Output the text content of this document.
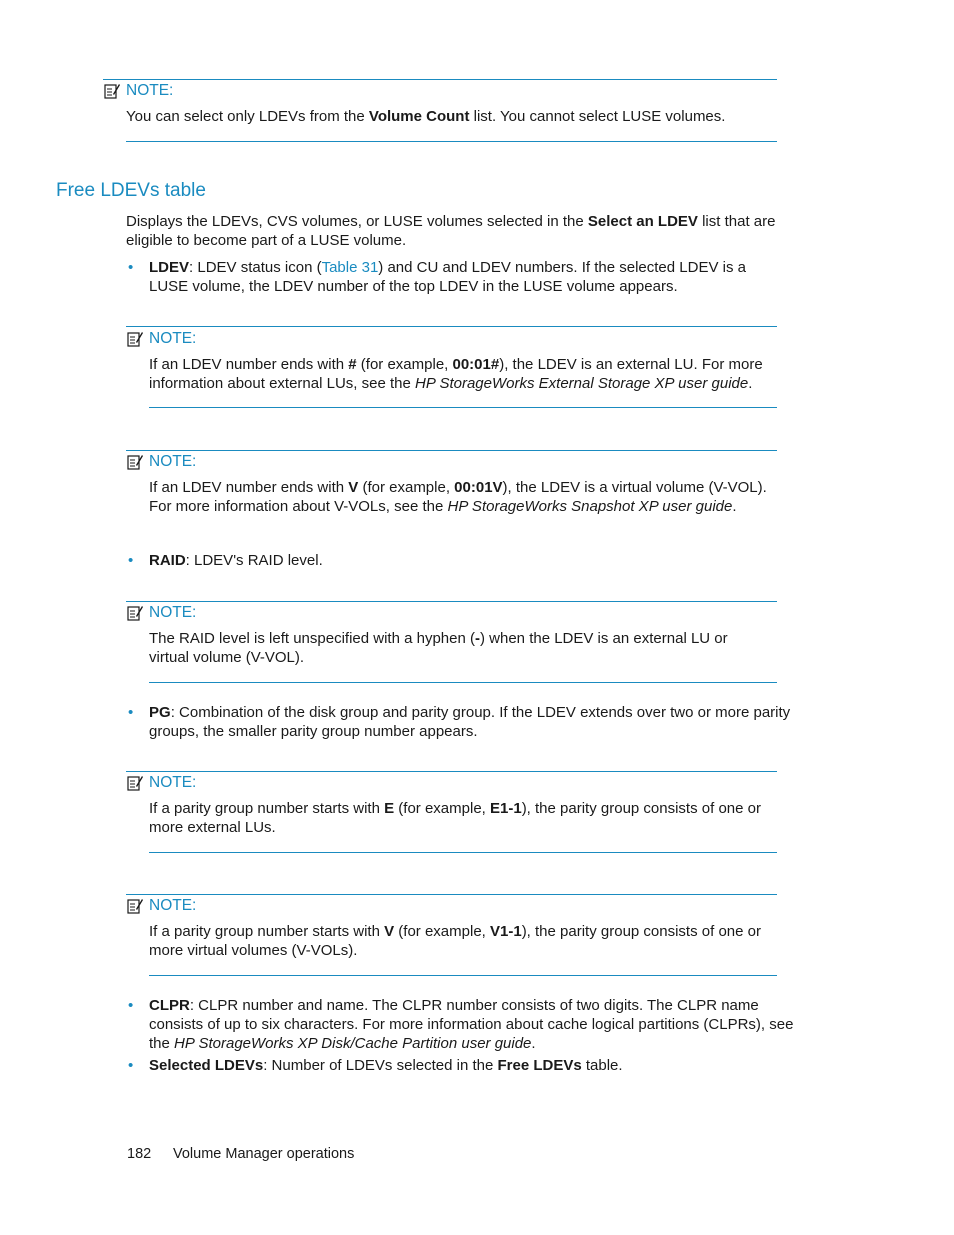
NOTE:
You can select only LDEVs from the Volume Count list. You cannot select LUSE volumes.
Free LDEVs table
Displays the LDEVs, CVS volumes, or LUSE volumes selected in the Select an LDEV list that are eligible to become part of a LUSE volume.
• LDEV: LDEV status icon (Table 31) and CU and LDEV numbers. If the selected LDEV is a LUSE volume, the LDEV number of the top LDEV in the LUSE volume appears.
NOTE:
If an LDEV number ends with # (for example, 00:01#), the LDEV is an external LU. For more information about external LUs, see the HP StorageWorks External Storage XP user guide.
NOTE:
If an LDEV number ends with V (for example, 00:01V), the LDEV is a virtual volume (V-VOL). For more information about V-VOLs, see the HP StorageWorks Snapshot XP user guide.
• RAID: LDEV's RAID level.
NOTE:
The RAID level is left unspecified with a hyphen (-) when the LDEV is an external LU or virtual volume (V-VOL).
• PG: Combination of the disk group and parity group. If the LDEV extends over two or more parity groups, the smaller parity group number appears.
NOTE:
If a parity group number starts with E (for example, E1-1), the parity group consists of one or more external LUs.
NOTE:
If a parity group number starts with V (for example, V1-1), the parity group consists of one or more virtual volumes (V-VOLs).
• CLPR: CLPR number and name. The CLPR number consists of two digits. The CLPR name consists of up to six characters. For more information about cache logical partitions (CLPRs), see the HP StorageWorks XP Disk/Cache Partition user guide.
• Selected LDEVs: Number of LDEVs selected in the Free LDEVs table.
182 Volume Manager operations
